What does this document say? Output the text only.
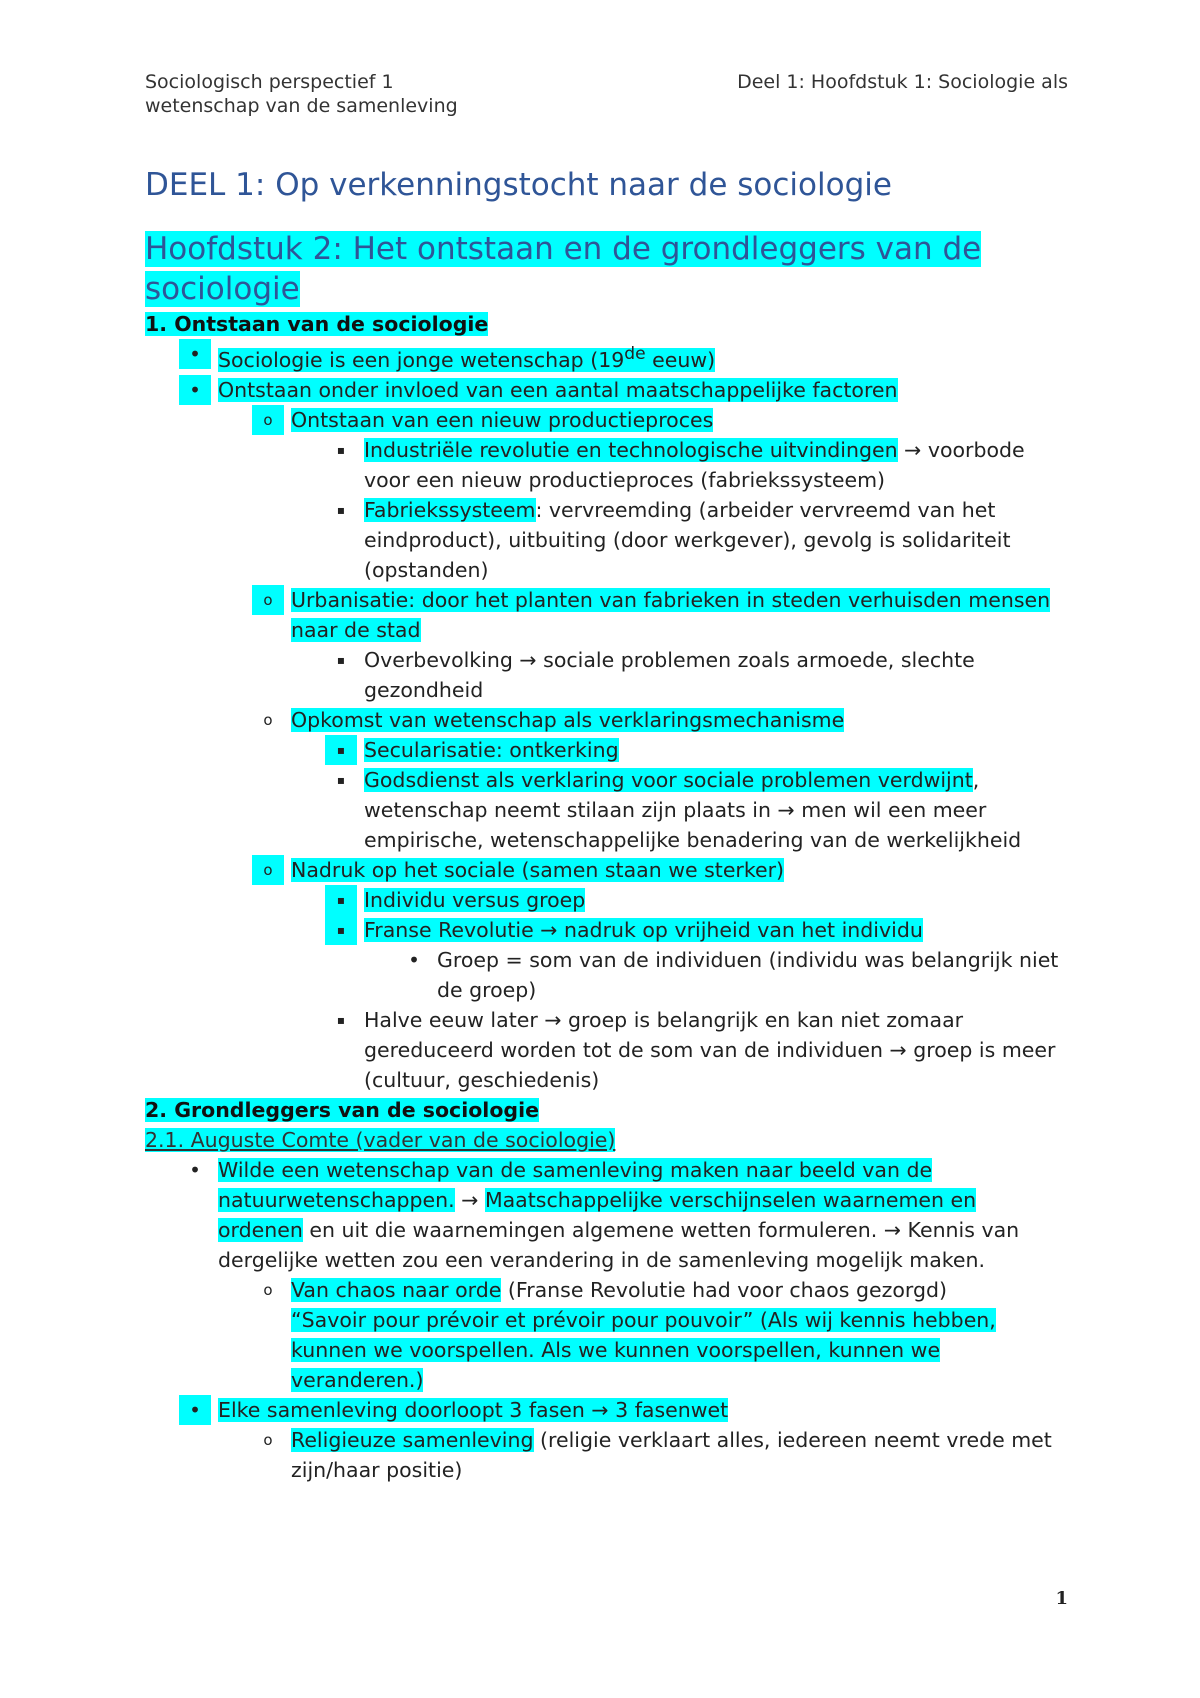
Sociologisch perspectief 1
wetenschap van de samenleving
Deel 1: Hoofdstuk 1: Sociologie als
DEEL 1: Op verkenningstocht naar de sociologie
Hoofdstuk 2: Het ontstaan en de grondleggers van de sociologie
1. Ontstaan van de sociologie
• Sociologie is een jonge wetenschap (19de eeuw)
• Ontstaan onder invloed van een aantal maatschappelijke factoren
o Ontstaan van een nieuw productieproces
▪ Industriële revolutie en technologische uitvindingen → voorbode voor een nieuw productieproces (fabriekssysteem)
▪ Fabriekssysteem: vervreemding (arbeider vervreemd van het eindproduct), uitbuiting (door werkgever), gevolg is solidariteit (opstanden)
o Urbanisatie: door het planten van fabrieken in steden verhuisden mensen naar de stad
▪ Overbevolking → sociale problemen zoals armoede, slechte gezondheid
o Opkomst van wetenschap als verklaringsmechanisme
▪ Secularisatie: ontkerking
▪ Godsdienst als verklaring voor sociale problemen verdwijnt, wetenschap neemt stilaan zijn plaats in → men wil een meer empirische, wetenschappelijke benadering van de werkelijkheid
o Nadruk op het sociale (samen staan we sterker)
▪ Individu versus groep
▪ Franse Revolutie → nadruk op vrijheid van het individu
• Groep = som van de individuen (individu was belangrijk niet de groep)
▪ Halve eeuw later → groep is belangrijk en kan niet zomaar gereduceerd worden tot de som van de individuen → groep is meer (cultuur, geschiedenis)
2. Grondleggers van de sociologie
2.1. Auguste Comte (vader van de sociologie)
• Wilde een wetenschap van de samenleving maken naar beeld van de natuurwetenschappen. → Maatschappelijke verschijnselen waarnemen en ordenen en uit die waarnemingen algemene wetten formuleren. → Kennis van dergelijke wetten zou een verandering in de samenleving mogelijk maken.
o Van chaos naar orde (Franse Revolutie had voor chaos gezorgd)
“Savoir pour prévoir et prévoir pour pouvoir” (Als wij kennis hebben, kunnen we voorspellen. Als we kunnen voorspellen, kunnen we veranderen.)
• Elke samenleving doorloopt 3 fasen → 3 fasenwet
o Religieuze samenleving (religie verklaart alles, iedereen neemt vrede met zijn/haar positie)
1
